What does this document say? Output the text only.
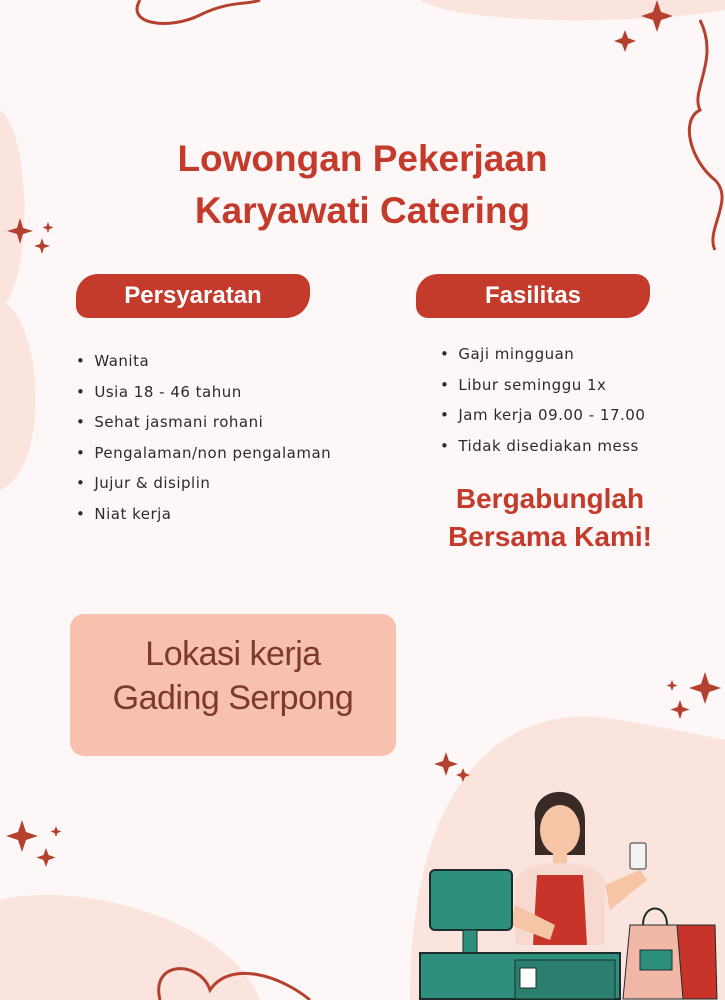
Lowongan Pekerjaan
Karyawati Catering
Persyaratan	Fasilitas
• Wanita
• Usia 18 - 46 tahun
• Sehat jasmani rohani
• Pengalaman/non pengalaman
• Jujur & disiplin
• Niat kerja
• Gaji mingguan
• Libur seminggu 1x
• Jam kerja 09.00 - 17.00
• Tidak disediakan mess
Bergabunglah
Bersama Kami!
Lokasi kerja
Gading Serpong
